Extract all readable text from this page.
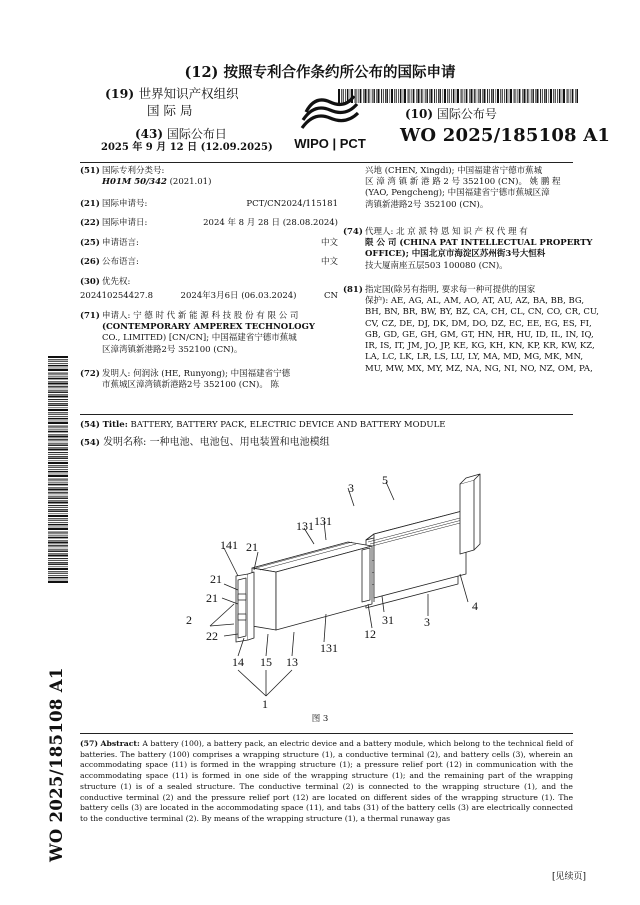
(12) 按照专利合作条约所公布的国际申请
(19) 世界知识产权组织
国 际 局
(43) 国际公布日
2025 年 9 月 12 日 (12.09.2025)
(10) 国际公布号
WO 2025/185108 A1
WIPO | PCT
WO 2025/185108 A1
(51) 国际专利分类号:
H01M 50/342 (2021.01)
(21) 国际申请号:	PCT/CN2024/115181
(22) 国际申请日:	2024 年 8 月 28 日 (28.08.2024)
(25) 申请语言:	中文
(26) 公布语言:	中文
(30) 优先权:
202410254427.8	2024年3月6日 (06.03.2024)	CN
(71) 申请人: 宁 德 时 代 新 能 源 科 技 股 份 有 限 公 司
(CONTEMPORARY AMPEREX TECHNOLOGY
CO., LIMITED) [CN/CN]; 中国福建省宁德市蕉城
区漳湾镇新港路2号 352100 (CN)。
(72) 发明人: 何润泳 (HE, Runyong); 中国福建省宁德
市蕉城区漳湾镇新港路2号 352100 (CN)。 陈
兴地 (CHEN, Xingdi); 中国福建省宁德市蕉城
区 漳 湾 镇 新 港 路 2 号 352100 (CN)。 姚 鹏 程
(YAO, Pengcheng); 中国福建省宁德市蕉城区漳
湾镇新港路2号 352100 (CN)。
(74) 代理人: 北 京 派 特 恩 知 识 产 权 代 理 有
限 公 司 (CHINA PAT INTELLECTUAL PROPERTY
OFFICE); 中国北京市海淀区苏州街3号大恒科
技大厦南座五层503 100080 (CN)。
(81) 指定国(除另有指明, 要求每一种可提供的国家
保护): AE, AG, AL, AM, AO, AT, AU, AZ, BA, BB, BG,
BH, BN, BR, BW, BY, BZ, CA, CH, CL, CN, CO, CR, CU,
CV, CZ, DE, DJ, DK, DM, DO, DZ, EC, EE, EG, ES, FI,
GB, GD, GE, GH, GM, GT, HN, HR, HU, ID, IL, IN, IQ,
IR, IS, IT, JM, JO, JP, KE, KG, KH, KN, KP, KR, KW, KZ,
LA, LC, LK, LR, LS, LU, LY, MA, MD, MG, MK, MN,
MU, MW, MX, MY, MZ, NA, NG, NI, NO, NZ, OM, PA,
(54) Title: BATTERY, BATTERY PACK, ELECTRIC DEVICE AND BATTERY MODULE
(54) 发明名称: 一种电池、电池包、用电装置和电池模组
3
5
131 131
141 21
21
21
2
22
4
31	3
12
131
14 15 13
1
图 3
(57) Abstract: A battery (100), a battery pack, an electric device and a battery module, which belong to the technical field of batteries. The battery (100) comprises a wrapping structure (1), a conductive terminal (2), and battery cells (3), wherein an accommodating space (11) is formed in the wrapping structure (1); a pressure relief port (12) in communication with the accommodating space (11) is formed in one side of the wrapping structure (1); and the remaining part of the wrapping structure (1) is of a sealed structure. The conductive terminal (2) is connected to the wrapping structure (1), and the conductive terminal (2) and the pressure relief port (12) are located on different sides of the wrapping structure (1). The battery cells (3) are located in the accommodating space (11), and tabs (31) of the battery cells (3) are electrically connected to the conductive terminal (2). By means of the wrapping structure (1), a thermal runaway gas
[见续页]
